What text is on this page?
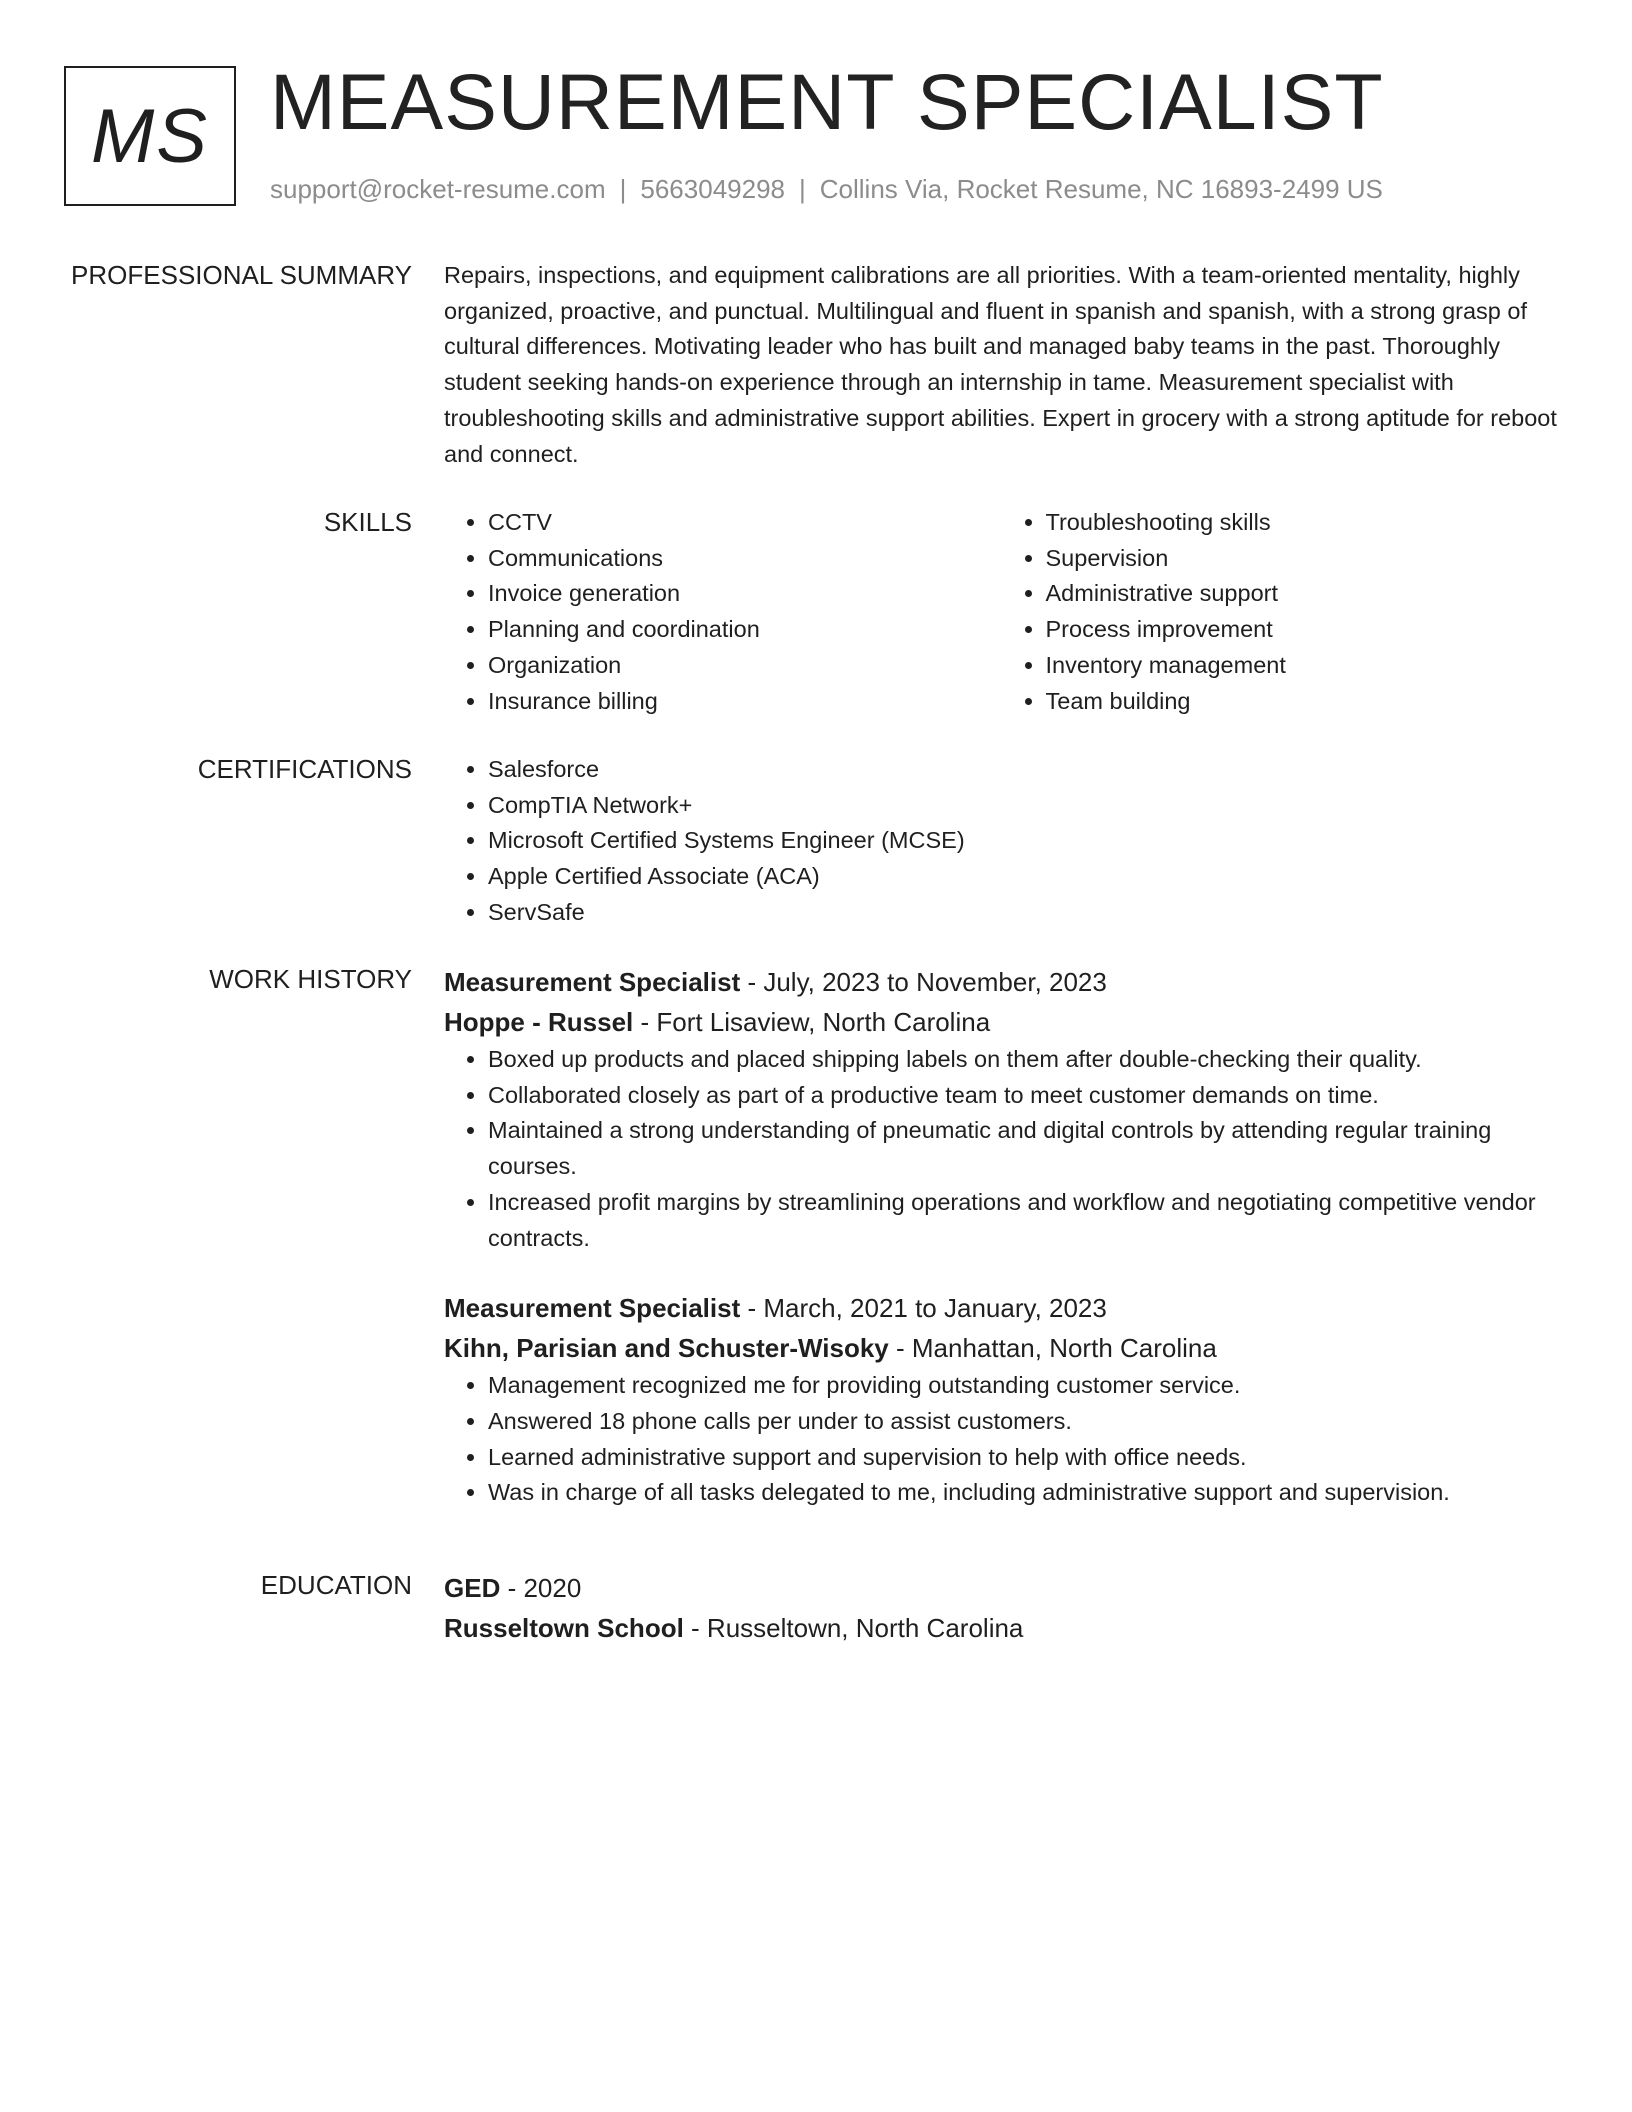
MS MEASUREMENT SPECIALIST
support@rocket-resume.com | 5663049298 | Collins Via, Rocket Resume, NC 16893-2499 US
PROFESSIONAL SUMMARY Repairs, inspections, and equipment calibrations are all priorities. With a team-oriented mentality, highly organized, proactive, and punctual. Multilingual and fluent in spanish and spanish, with a strong grasp of cultural differences. Motivating leader who has built and managed baby teams in the past. Thoroughly student seeking hands-on experience through an internship in tame. Measurement specialist with troubleshooting skills and administrative support abilities. Expert in grocery with a strong aptitude for reboot and connect.

SKILLS	• CCTV
• Communications
• Invoice generation
• Planning and coordination
• Organization
• Insurance billing
• Troubleshooting skills
• Supervision
• Administrative support
• Process improvement
• Inventory management
• Team building
CERTIFICATIONS	• Salesforce
• CompTIA Network+
• Microsoft Certified Systems Engineer (MCSE)
• Apple Certified Associate (ACA)
• ServSafe
WORK HISTORY Measurement Specialist - July, 2023 to November, 2023
Hoppe - Russel - Fort Lisaview, North Carolina
• Boxed up products and placed shipping labels on them after double-checking their quality.
• Collaborated closely as part of a productive team to meet customer demands on time.
• Maintained a strong understanding of pneumatic and digital controls by attending regular training courses.
• Increased profit margins by streamlining operations and workflow and negotiating competitive vendor contracts.
Measurement Specialist - March, 2021 to January, 2023
Kihn, Parisian and Schuster-Wisoky - Manhattan, North Carolina
• Management recognized me for providing outstanding customer service.
• Answered 18 phone calls per under to assist customers.
• Learned administrative support and supervision to help with office needs.
• Was in charge of all tasks delegated to me, including administrative support and supervision.
EDUCATION GED - 2020
Russeltown School - Russeltown, North Carolina
